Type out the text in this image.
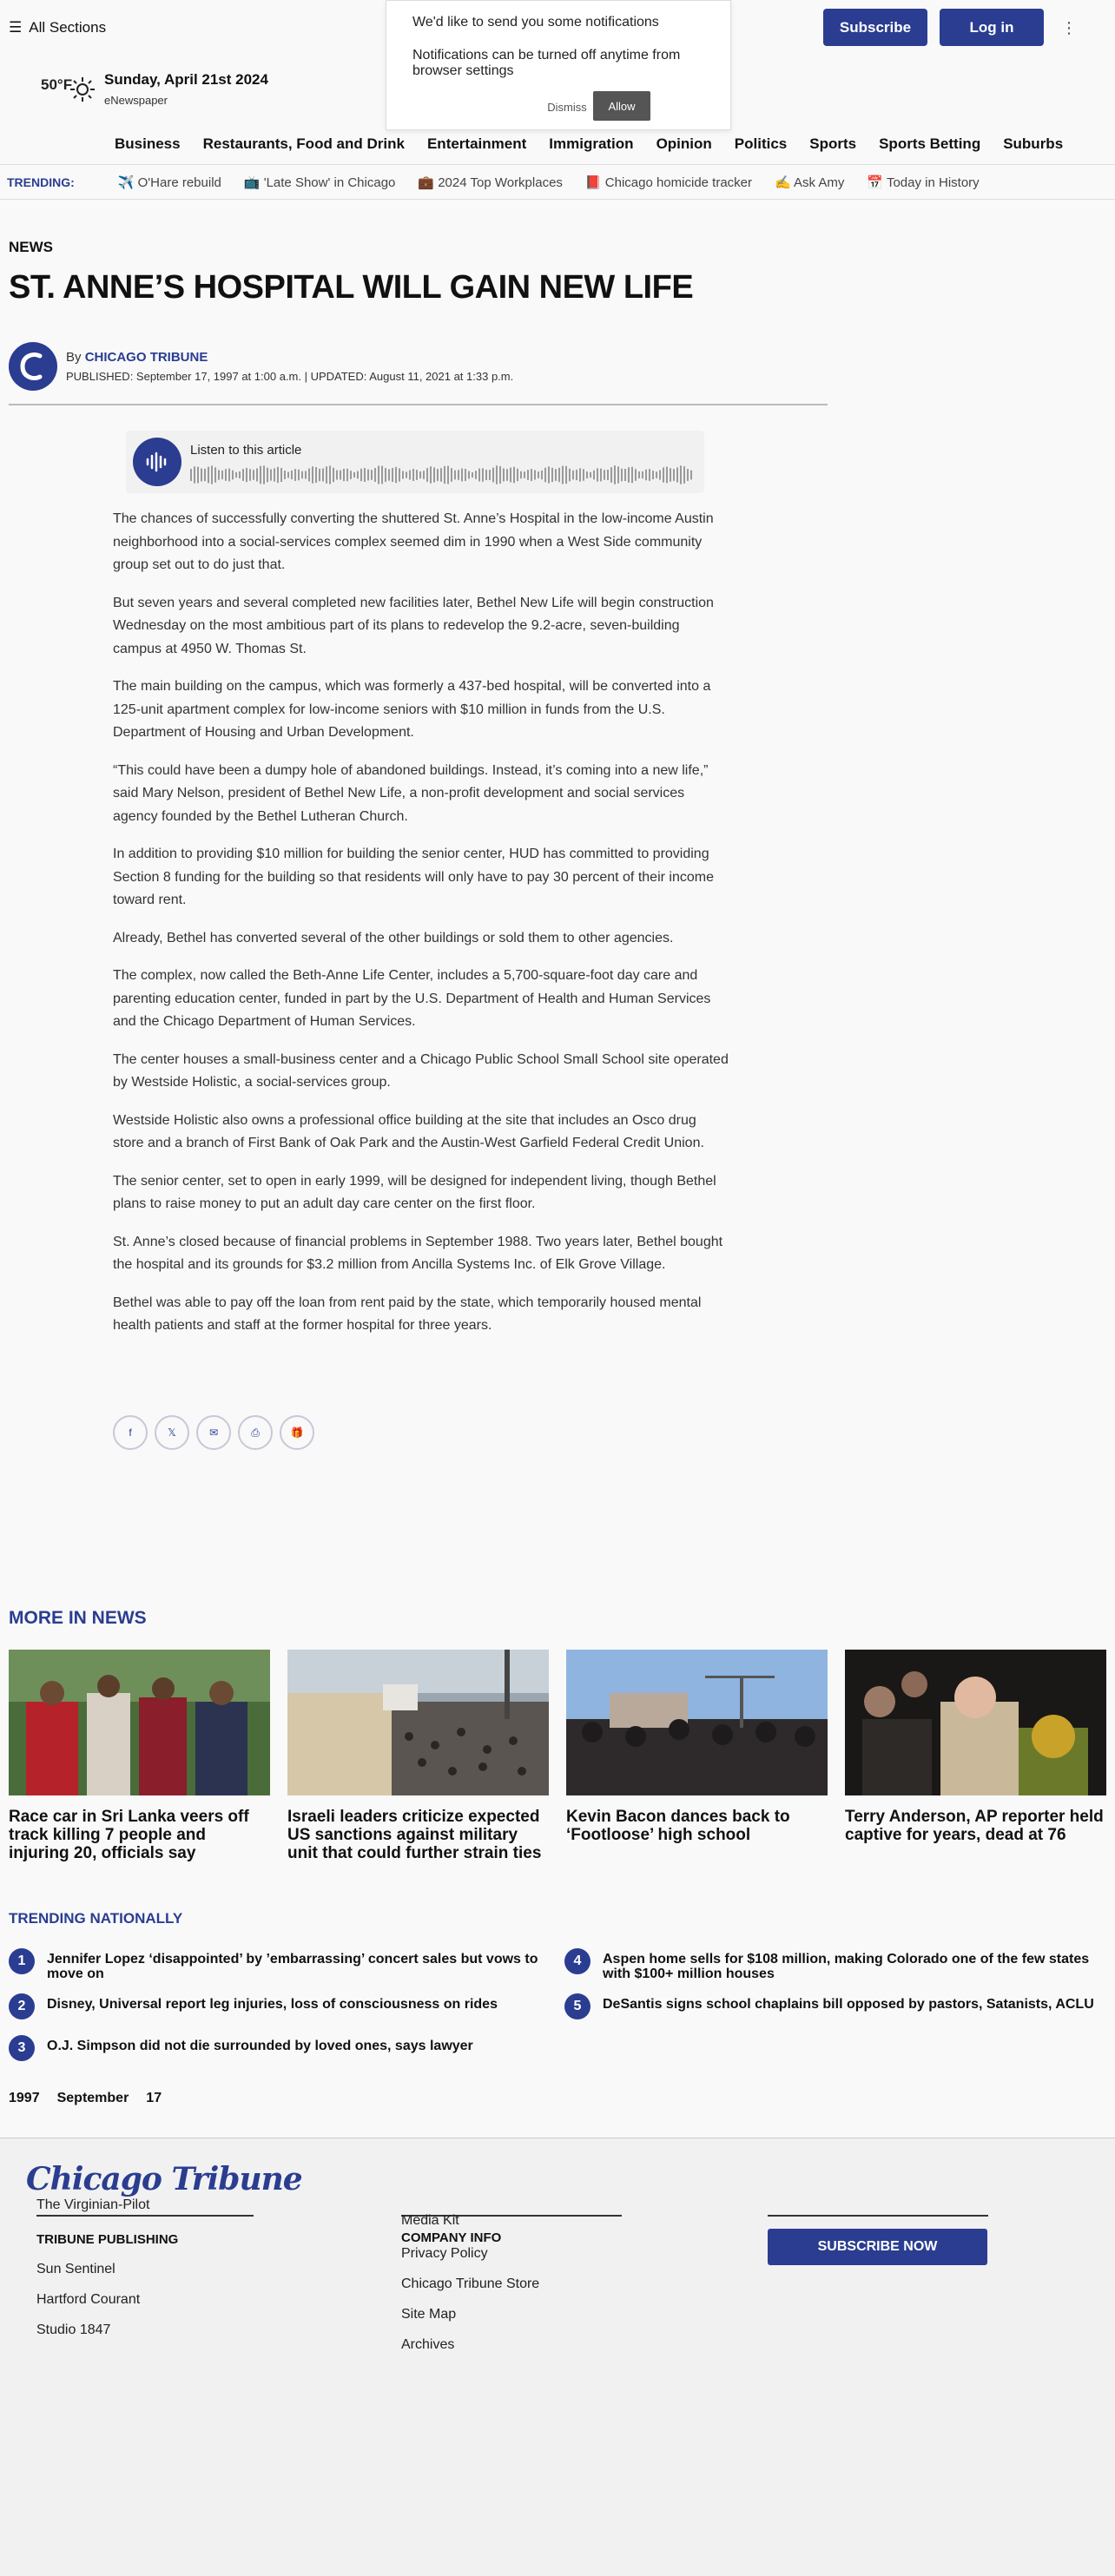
☰ All Sections
50°F Sunday, April 21st 2024
eNewspaper
Subscribe	Log in	⋮
Business Restaurants, Food and Drink Entertainment Immigration Opinion Politics Sports Sports Betting Suburbs
We'd like to send you some notifications
Notifications can be turned off anytime from browser settings
Dismiss	Allow
TRENDING:	✈️ O'Hare rebuild 📺 'Late Show' in Chicago 💼 2024 Top Workplaces 📕 Chicago homicide tracker ✍️ Ask Amy 📅 Today in History
NEWS
ST. ANNE’S HOSPITAL WILL GAIN NEW LIFE
By CHICAGO TRIBUNE
PUBLISHED: September 17, 1997 at 1:00 a.m. | UPDATED: August 11, 2021 at 1:33 p.m.
Listen to this article

The chances of successfully converting the shuttered St. Anne’s Hospital in the low-income Austin neighborhood into a social-services complex seemed dim in 1990 when a West Side community group set out to do just that.

But seven years and several completed new facilities later, Bethel New Life will begin construction Wednesday on the most ambitious part of its plans to redevelop the 9.2-acre, seven-building campus at 4950 W. Thomas St.

The main building on the campus, which was formerly a 437-bed hospital, will be converted into a 125-unit apartment complex for low-income seniors with $10 million in funds from the U.S. Department of Housing and Urban Development.

“This could have been a dumpy hole of abandoned buildings. Instead, it’s coming into a new life,” said Mary Nelson, president of Bethel New Life, a non-profit development and social services agency founded by the Bethel Lutheran Church.

In addition to providing $10 million for building the senior center, HUD has committed to providing Section 8 funding for the building so that residents will only have to pay 30 percent of their income toward rent.

Already, Bethel has converted several of the other buildings or sold them to other agencies.

The complex, now called the Beth-Anne Life Center, includes a 5,700-square-foot day care and parenting education center, funded in part by the U.S. Department of Health and Human Services and the Chicago Department of Human Services.

The center houses a small-business center and a Chicago Public School Small School site operated by Westside Holistic, a social-services group.

Westside Holistic also owns a professional office building at the site that includes an Osco drug store and a branch of First Bank of Oak Park and the Austin-West Garfield Federal Credit Union.

The senior center, set to open in early 1999, will be designed for independent living, though Bethel plans to raise money to put an adult day care center on the first floor.

St. Anne’s closed because of financial problems in September 1988. Two years later, Bethel bought the hospital and its grounds for $3.2 million from Ancilla Systems Inc. of Elk Grove Village.

Bethel was able to pay off the loan from rent paid by the state, which temporarily housed mental health patients and staff at the former hospital for three years.

f	𝕏	✉	⎙	🎁
MORE IN NEWS
Race car in Sri Lanka veers off track killing 7 people and injuring 20, officials say
Israeli leaders criticize expected US sanctions against military unit that could further strain ties
Kevin Bacon dances back to ‘Footloose’ high school
Terry Anderson, AP reporter held captive for years, dead at 76
TRENDING NATIONALLY
1	Jennifer Lopez ‘disappointed’ by ’embarrassing’ concert sales but vows to move on
2	Disney, Universal report leg injuries, loss of consciousness on rides
3	O.J. Simpson did not die surrounded by loved ones, says lawyer
4	Aspen home sells for $108 million, making Colorado one of the few states with $100+ million houses
5	DeSantis signs school chaplains bill opposed by pastors, Satanists, ACLU
1997 September 17
Chicago Tribune
The Virginian-Pilot
TRIBUNE PUBLISHING
Sun Sentinel
Hartford Courant
Studio 1847
Media Kit
COMPANY INFO
Privacy Policy
Chicago Tribune Store
Site Map
Archives
SUBSCRIBE NOW
